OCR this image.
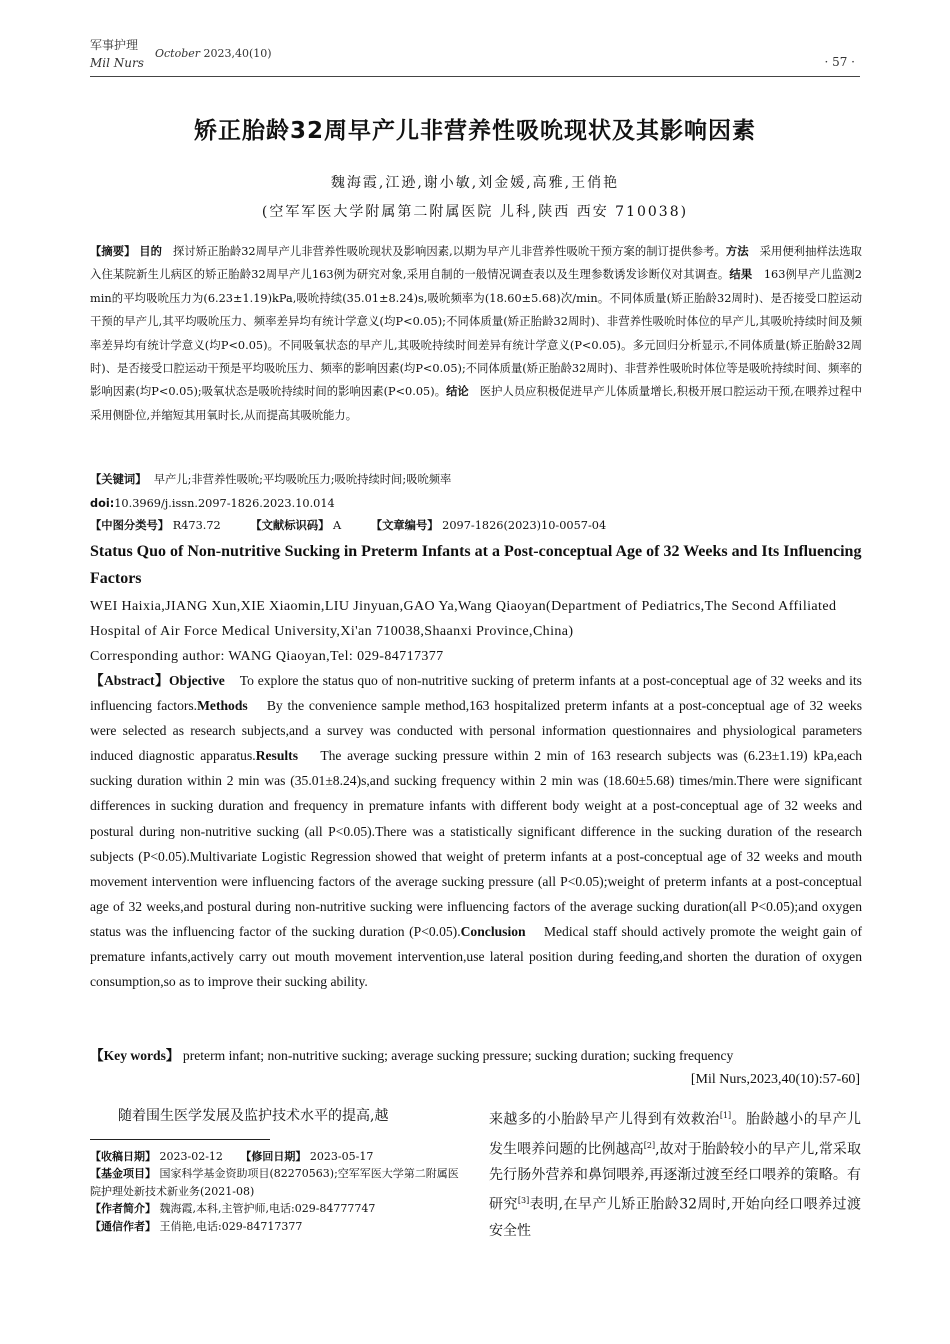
军事护理
Mil Nurs
October 2023,40(10)
· 57 ·
矫正胎龄32周早产儿非营养性吸吮现状及其影响因素
魏海霞,江逊,谢小敏,刘金媛,高雅,王俏艳
(空军军医大学附属第二附属医院 儿科,陕西 西安 710038)
【摘要】 目的 探讨矫正胎龄32周早产儿非营养性吸吮现状及影响因素,以期为早产儿非营养性吸吮干预方案的制订提供参考。方法 采用便利抽样法选取入住某院新生儿病区的矫正胎龄32周早产儿163例为研究对象,采用自制的一般情况调查表以及生理参数诱发诊断仪对其调查。结果 163例早产儿监测2 min的平均吸吮压力为(6.23±1.19)kPa,吸吮持续(35.01±8.24)s,吸吮频率为(18.60±5.68)次/min。不同体质量(矫正胎龄32周时)、是否接受口腔运动干预的早产儿,其平均吸吮压力、频率差异均有统计学意义(均P<0.05);不同体质量(矫正胎龄32周时)、非营养性吸吮时体位的早产儿,其吸吮持续时间及频率差异均有统计学意义(均P<0.05)。不同吸氧状态的早产儿,其吸吮持续时间差异有统计学意义(P<0.05)。多元回归分析显示,不同体质量(矫正胎龄32周时)、是否接受口腔运动干预是平均吸吮压力、频率的影响因素(均P<0.05);不同体质量(矫正胎龄32周时)、非营养性吸吮时体位等是吸吮持续时间、频率的影响因素(均P<0.05);吸氧状态是吸吮持续时间的影响因素(P<0.05)。结论 医护人员应积极促进早产儿体质量增长,积极开展口腔运动干预,在喂养过程中采用侧卧位,并缩短其用氧时长,从而提高其吸吮能力。
【关键词】 早产儿;非营养性吸吮;平均吸吮压力;吸吮持续时间;吸吮频率
doi:10.3969/j.issn.2097-1826.2023.10.014
【中图分类号】 R473.72	【文献标识码】 A	【文章编号】 2097-1826(2023)10-0057-04
Status Quo of Non-nutritive Sucking in Preterm Infants at a Post-conceptual Age of 32 Weeks and Its Influencing Factors
WEI Haixia,JIANG Xun,XIE Xiaomin,LIU Jinyuan,GAO Ya,Wang Qiaoyan(Department of Pediatrics,The Second Affiliated Hospital of Air Force Medical University,Xi'an 710038,Shaanxi Province,China)
Corresponding author: WANG Qiaoyan,Tel: 029-84717377
【Abstract】Objective To explore the status quo of non-nutritive sucking of preterm infants at a post-conceptual age of 32 weeks and its influencing factors.Methods By the convenience sample method,163 hospitalized preterm infants at a post-conceptual age of 32 weeks were selected as research subjects,and a survey was conducted with personal information questionnaires and physiological parameters induced diagnostic apparatus.Results The average sucking pressure within 2 min of 163 research subjects was (6.23±1.19) kPa,each sucking duration within 2 min was (35.01±8.24)s,and sucking frequency within 2 min was (18.60±5.68) times/min.There were significant differences in sucking duration and frequency in premature infants with different body weight at a post-conceptual age of 32 weeks and postural during non-nutritive sucking (all P<0.05).There was a statistically significant difference in the sucking duration of the research subjects (P<0.05).Multivariate Logistic Regression showed that weight of preterm infants at a post-conceptual age of 32 weeks and mouth movement intervention were influencing factors of the average sucking pressure (all P<0.05);weight of preterm infants at a post-conceptual age of 32 weeks,and postural during non-nutritive sucking were influencing factors of the average sucking duration(all P<0.05);and oxygen status was the influencing factor of the sucking duration (P<0.05).Conclusion Medical staff should actively promote the weight gain of premature infants,actively carry out mouth movement intervention,use lateral position during feeding,and shorten the duration of oxygen consumption,so as to improve their sucking ability.
【Key words】 preterm infant; non-nutritive sucking; average sucking pressure; sucking duration; sucking frequency
[Mil Nurs,2023,40(10):57-60]
随着围生医学发展及监护技术水平的提高,越
【收稿日期】 2023-02-12 【修回日期】 2023-05-17
【基金项目】 国家科学基金资助项目(82270563);空军军医大学第二附属医院护理处新技术新业务(2021-08)
【作者简介】 魏海霞,本科,主管护师,电话:029-84777747
【通信作者】 王俏艳,电话:029-84717377
来越多的小胎龄早产儿得到有效救治[1]。胎龄越小的早产儿发生喂养问题的比例越高[2],故对于胎龄较小的早产儿,常采取先行肠外营养和鼻饲喂养,再逐渐过渡至经口喂养的策略。有研究[3]表明,在早产儿矫正胎龄32周时,开始向经口喂养过渡安全性
